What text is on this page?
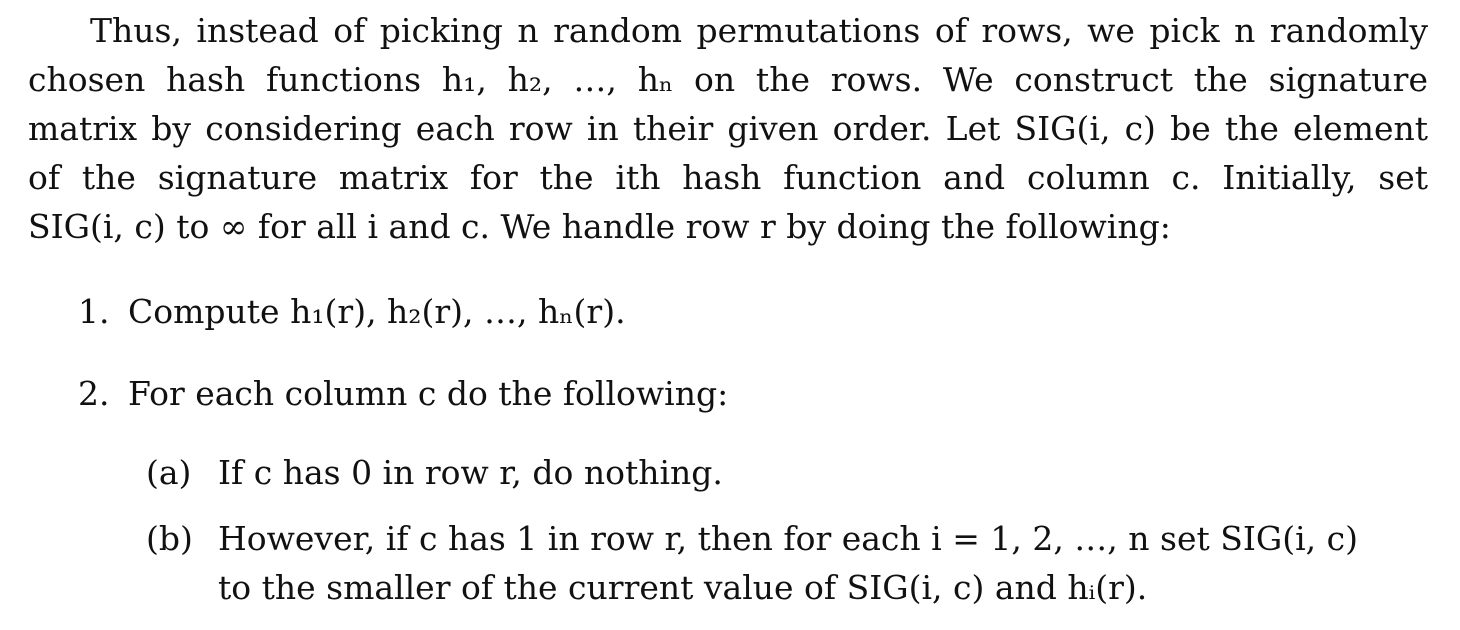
Thus, instead of picking n random permutations of rows, we pick n randomly
chosen hash functions h₁, h₂, …, hₙ on the rows. We construct the signature
matrix by considering each row in their given order. Let SIG(i, c) be the element
of the signature matrix for the ith hash function and column c. Initially, set
SIG(i, c) to ∞ for all i and c. We handle row r by doing the following:

1. Compute h₁(r), h₂(r), …, hₙ(r).
2. For each column c do the following:
(a) If c has 0 in row r, do nothing.
(b) However, if c has 1 in row r, then for each i = 1, 2, …, n set SIG(i, c)
to the smaller of the current value of SIG(i, c) and hᵢ(r).
